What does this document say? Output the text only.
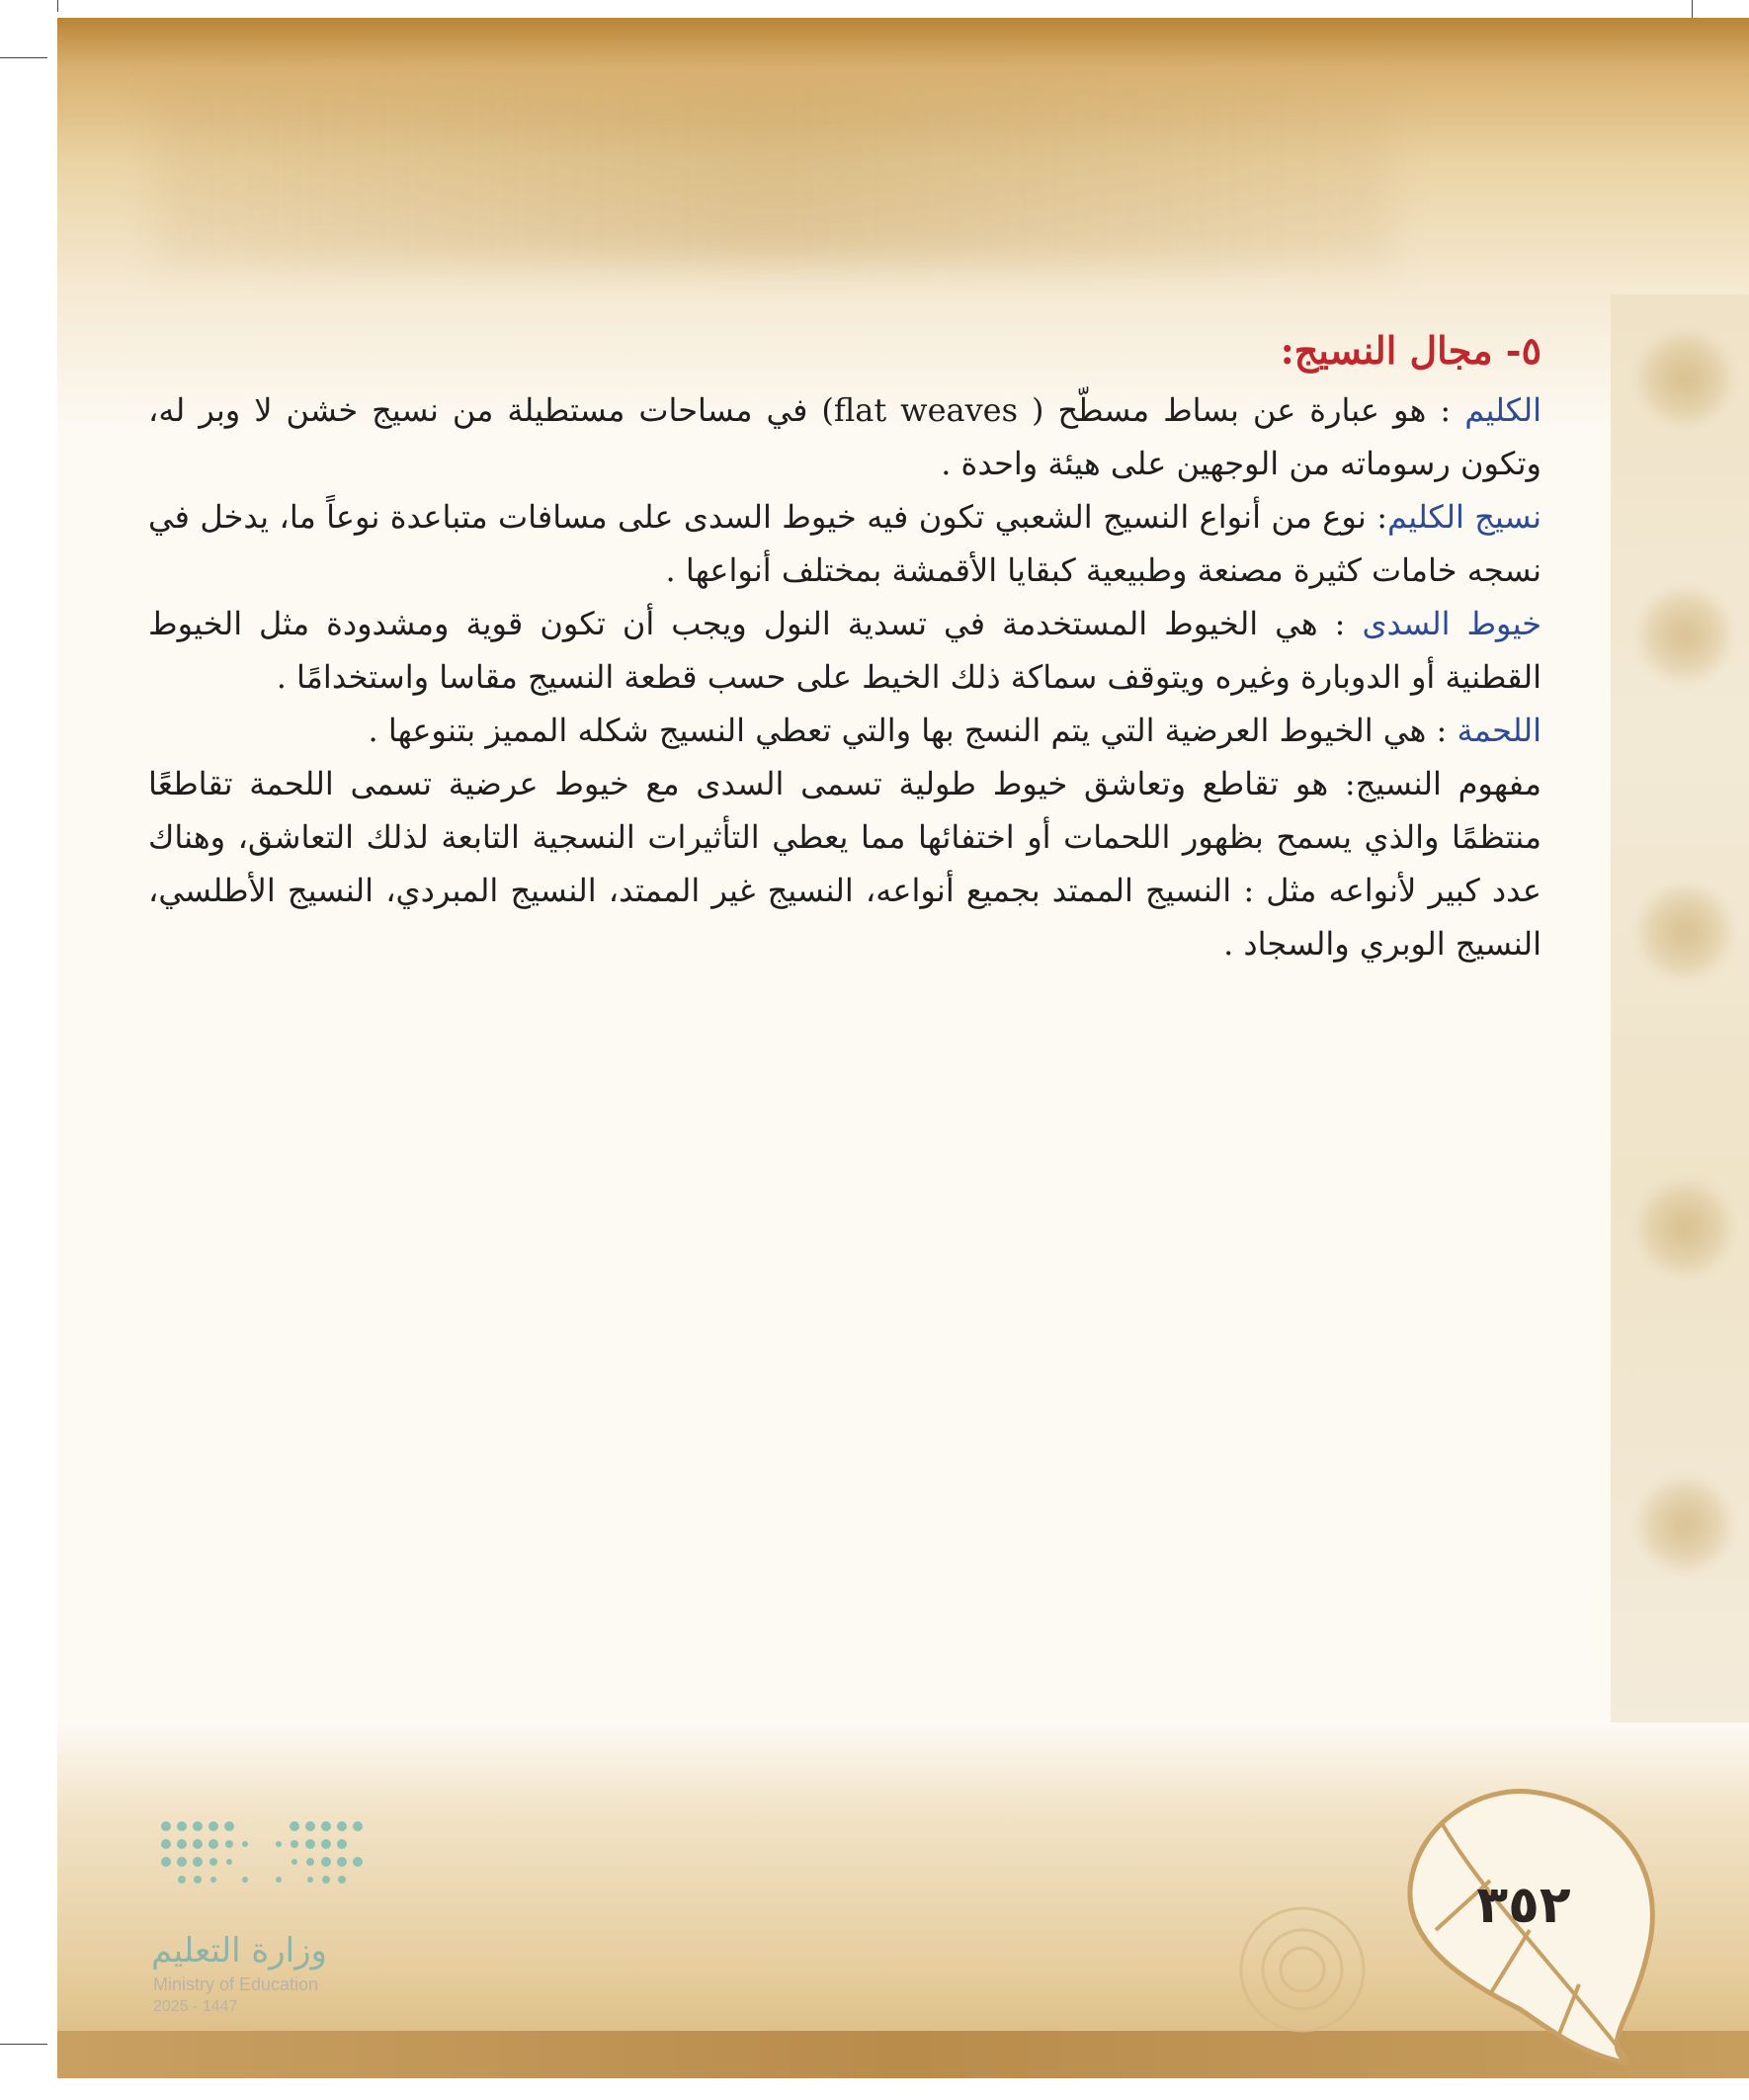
وزارة التعليم
Ministry of Education
2025 - 1447
٣٥٢
٥- مجال النسيج:

الكليم : هو عبارة عن بساط مسطّح ( flat weaves) في مساحات مستطيلة من نسيج خشن لا وبر له، وتكون رسوماته من الوجهين على هيئة واحدة .

نسيج الكليم: نوع من أنواع النسيج الشعبي تكون فيه خيوط السدى على مسافات متباعدة نوعاً ما، يدخل في نسجه خامات كثيرة مصنعة وطبيعية كبقايا الأقمشة بمختلف أنواعها .

خيوط السدى : هي الخيوط المستخدمة في تسدية النول ويجب أن تكون قوية ومشدودة مثل الخيوط القطنية أو الدوبارة وغيره ويتوقف سماكة ذلك الخيط على حسب قطعة النسيج مقاسا واستخدامًا .

اللحمة : هي الخيوط العرضية التي يتم النسج بها والتي تعطي النسيج شكله المميز بتنوعها .

مفهوم النسيج: هو تقاطع وتعاشق خيوط طولية تسمى السدى مع خيوط عرضية تسمى اللحمة تقاطعًا منتظمًا والذي يسمح بظهور اللحمات أو اختفائها مما يعطي التأثيرات النسجية التابعة لذلك التعاشق، وهناك عدد كبير لأنواعه مثل : النسيج الممتد بجميع أنواعه، النسيج غير الممتد، النسيج المبردي، النسيج الأطلسي، النسيج الوبري والسجاد .
